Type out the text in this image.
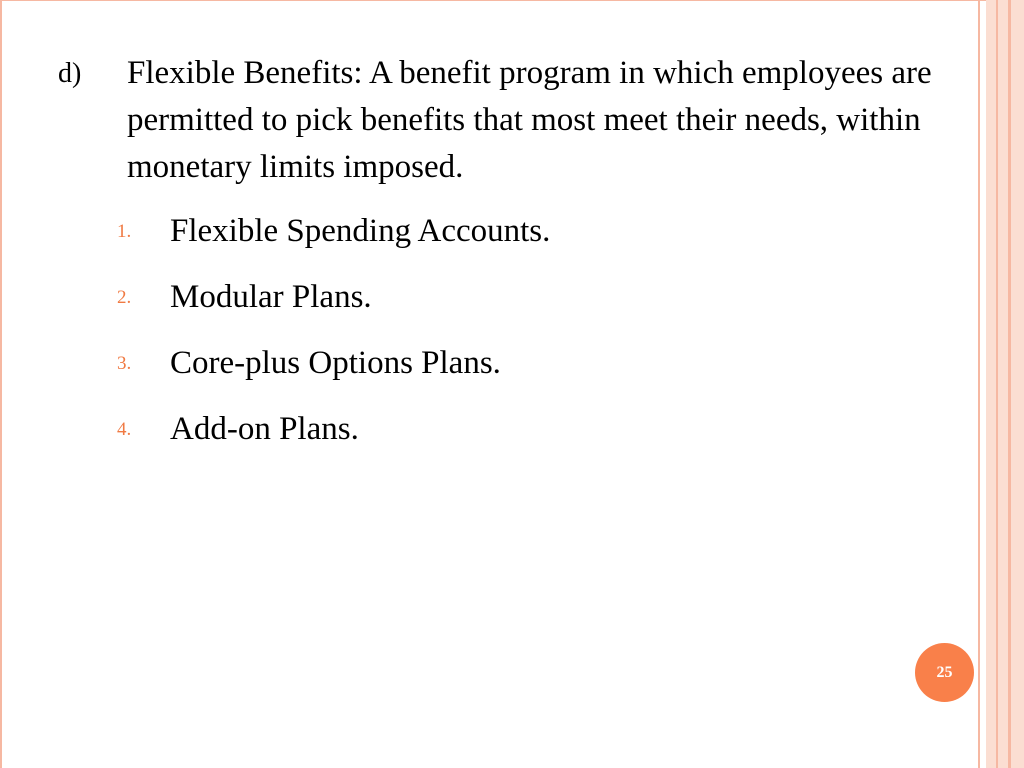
d) Flexible Benefits: A benefit program in which employees are permitted to pick benefits that most meet their needs, within monetary limits imposed.
1. Flexible Spending Accounts.
2. Modular Plans.
3. Core-plus Options Plans.
4. Add-on Plans.
25
